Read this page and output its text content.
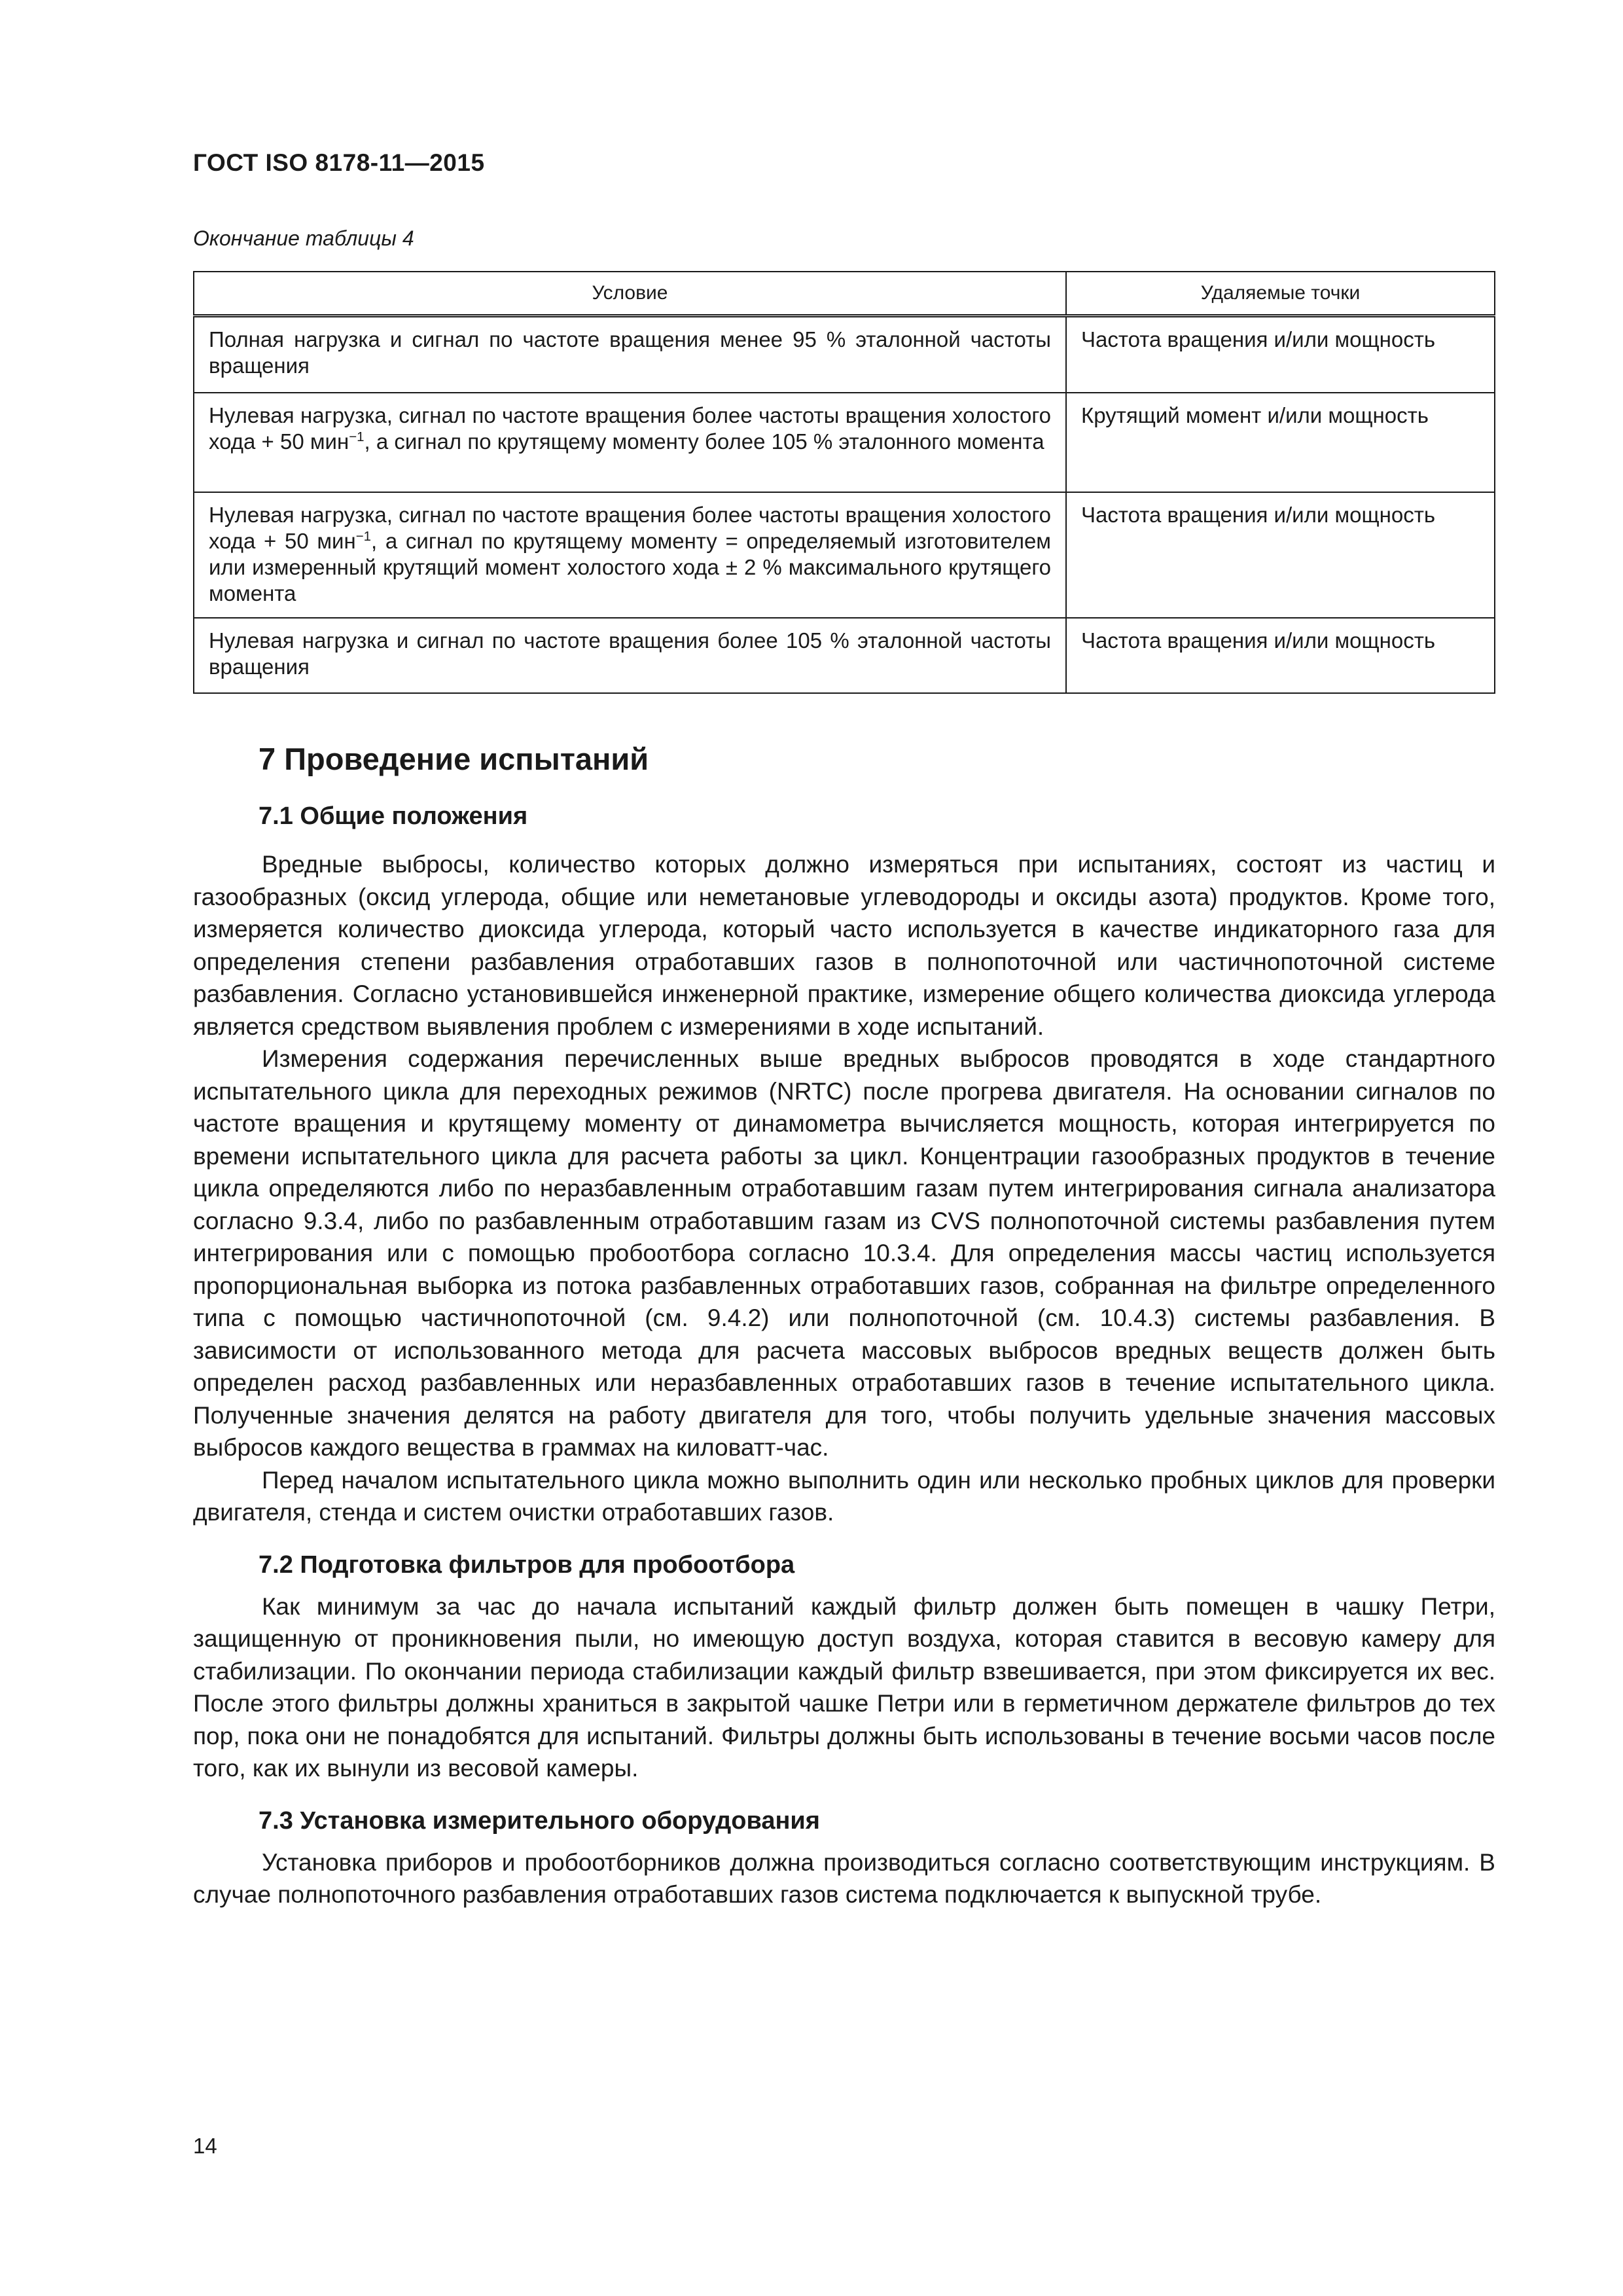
ГОСТ ISO 8178-11—2015
Окончание таблицы 4
Условие	Удаляемые точки
Полная нагрузка и сигнал по частоте вращения менее 95 % эталонной частоты вращения	Частота вращения и/или мощность
Нулевая нагрузка, сигнал по частоте вращения более частоты вращения холостого хода + 50 мин$^{-1}$, а сигнал по крутящему моменту более 105 % эталонного момента	Крутящий момент и/или мощность
Нулевая нагрузка, сигнал по частоте вращения более частоты вращения холостого хода + 50 мин$^{-1}$, а сигнал по крутящему моменту = определяемый изготовителем или измеренный крутящий момент холостого хода ± 2 % максимального крутящего момента	Частота вращения и/или мощность
Нулевая нагрузка и сигнал по частоте вращения более 105 % эталонной частоты вращения	Частота вращения и/или мощность
7 Проведение испытаний
7.1 Общие положения

Вредные выбросы, количество которых должно измеряться при испытаниях, состоят из частиц и газообразных (оксид углерода, общие или неметановые углеводороды и оксиды азота) продуктов. Кроме того, измеряется количество диоксида углерода, который часто используется в качестве индикаторного газа для определения степени разбавления отработавших газов в полнопоточной или частичнопоточной системе разбавления. Согласно установившейся инженерной практике, измерение общего количества диоксида углерода является средством выявления проблем с измерениями в ходе испытаний.

Измерения содержания перечисленных выше вредных выбросов проводятся в ходе стандартного испытательного цикла для переходных режимов (NRTC) после прогрева двигателя. На основании сигналов по частоте вращения и крутящему моменту от динамометра вычисляется мощность, которая интегрируется по времени испытательного цикла для расчета работы за цикл. Концентрации газообразных продуктов в течение цикла определяются либо по неразбавленным отработавшим газам путем интегрирования сигнала анализатора согласно 9.3.4, либо по разбавленным отработавшим газам из CVS полнопоточной системы разбавления путем интегрирования или с помощью пробоотбора согласно 10.3.4. Для определения массы частиц используется пропорциональная выборка из потока разбавленных отработавших газов, собранная на фильтре определенного типа с помощью частичнопоточной (см. 9.4.2) или полнопоточной (см. 10.4.3) системы разбавления. В зависимости от использованного метода для расчета массовых выбросов вредных веществ должен быть определен расход разбавленных или неразбавленных отработавших газов в течение испытательного цикла. Полученные значения делятся на работу двигателя для того, чтобы получить удельные значения массовых выбросов каждого вещества в граммах на киловатт-час.

Перед началом испытательного цикла можно выполнить один или несколько пробных циклов для проверки двигателя, стенда и систем очистки отработавших газов.

7.2 Подготовка фильтров для пробоотбора

Как минимум за час до начала испытаний каждый фильтр должен быть помещен в чашку Петри, защищенную от проникновения пыли, но имеющую доступ воздуха, которая ставится в весовую камеру для стабилизации. По окончании периода стабилизации каждый фильтр взвешивается, при этом фиксируется их вес. После этого фильтры должны храниться в закрытой чашке Петри или в герметичном держателе фильтров до тех пор, пока они не понадобятся для испытаний. Фильтры должны быть использованы в течение восьми часов после того, как их вынули из весовой камеры.

7.3 Установка измерительного оборудования

Установка приборов и пробоотборников должна производиться согласно соответствующим инструкциям. В случае полнопоточного разбавления отработавших газов система подключается к выпускной трубе.

14
